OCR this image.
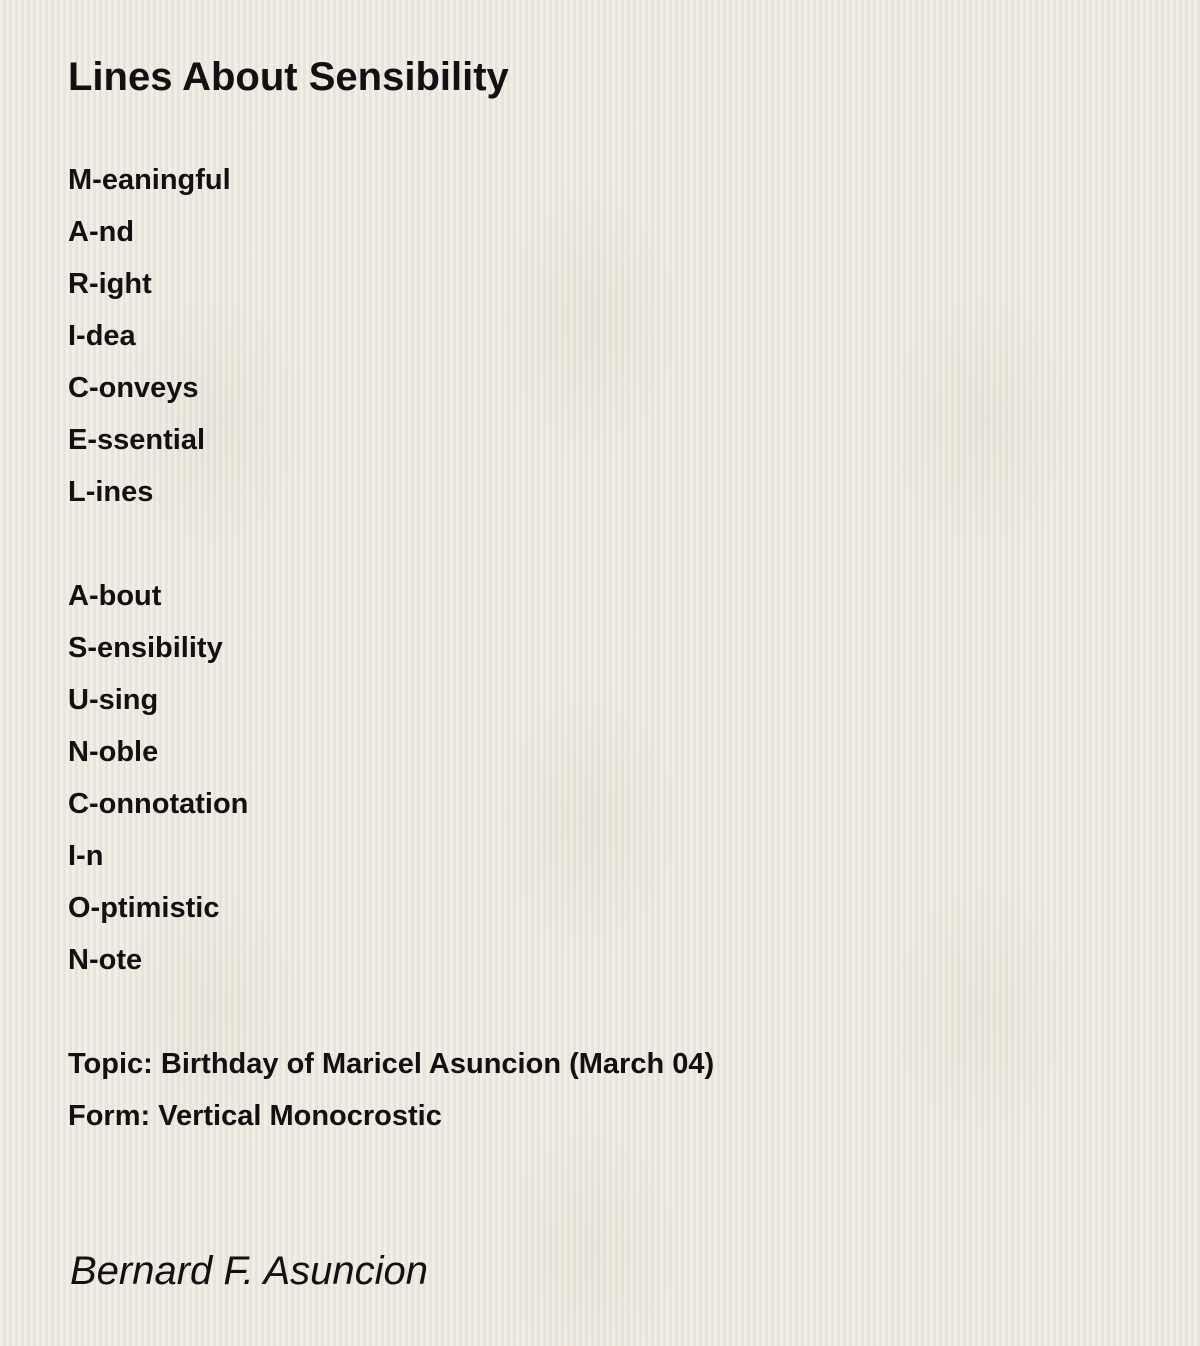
Lines About Sensibility
M-eaningful
A-nd
R-ight
I-dea
C-onveys
E-ssential
L-ines
A-bout
S-ensibility
U-sing
N-oble
C-onnotation
I-n
O-ptimistic
N-ote
Topic: Birthday of Maricel Asuncion (March 04)
Form: Vertical Monocrostic
Bernard F. Asuncion
